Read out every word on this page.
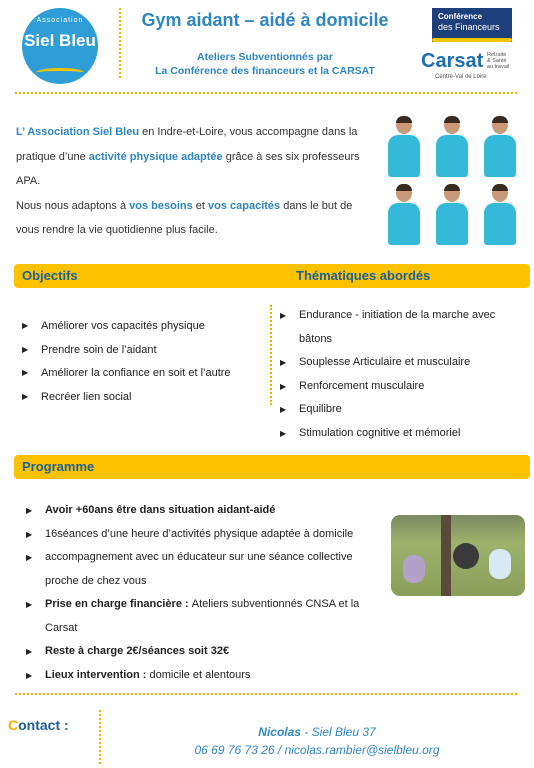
Association
Siel Bleu
Gym aidant – aidé à domicile
Ateliers Subventionnés par
La Conférence des financeurs et la CARSAT
Conférence
des Financeurs
Carsat Retraite
& Santé
au travail
Centre-Val de Loire
L’ Association Siel Bleu en Indre-et-Loire, vous accompagne dans la pratique d’une activité physique adaptée grâce à ses six professeurs APA.
Nous nous adaptons à vos besoins et vos capacités dans le but de vous rendre la vie quotidienne plus facile.
Objectifs	Thématiques abordés
▶ Améliorer vos capacités physique
▶ Prendre soin de l’aidant
▶ Améliorer la confiance en soit et l’autre
▶ Recréer lien social
▶ Endurance - initiation de la marche avec bâtons
▶ Souplesse Articulaire et musculaire
▶ Renforcement musculaire
▶ Equilibre
▶ Stimulation cognitive et mémoriel
Programme
▶ Avoir +60ans être dans situation aidant-aidé
▶ 16séances d’une heure d’activités physique adaptée à domicile
▶ accompagnement avec un éducateur sur une séance collective proche de chez vous
▶ Prise en charge financière : Ateliers subventionnés CNSA et la Carsat
▶ Reste à charge 2€/séances soit 32€
▶ Lieux intervention : domicile et alentours
Contact :	Nicolas - Siel Bleu 37
06 69 76 73 26 / nicolas.rambier@sielbleu.org
